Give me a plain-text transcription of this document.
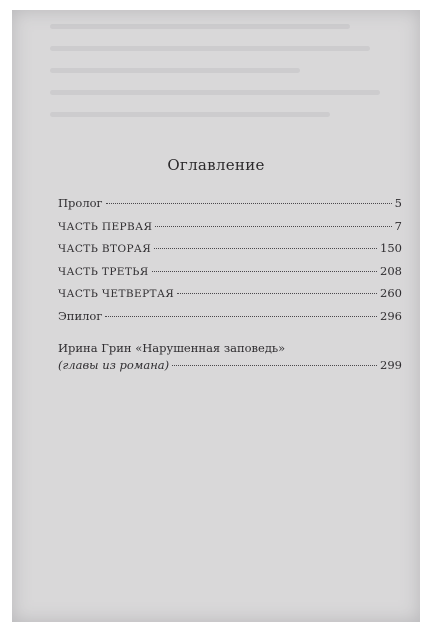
Оглавление
Пролог	5
ЧАСТЬ ПЕРВАЯ	7
ЧАСТЬ ВТОРАЯ	150
ЧАСТЬ ТРЕТЬЯ	208
ЧАСТЬ ЧЕТВЕРТАЯ	260
Эпилог	296
Ирина Грин «Нарушенная заповедь»
(главы из романа)	299
